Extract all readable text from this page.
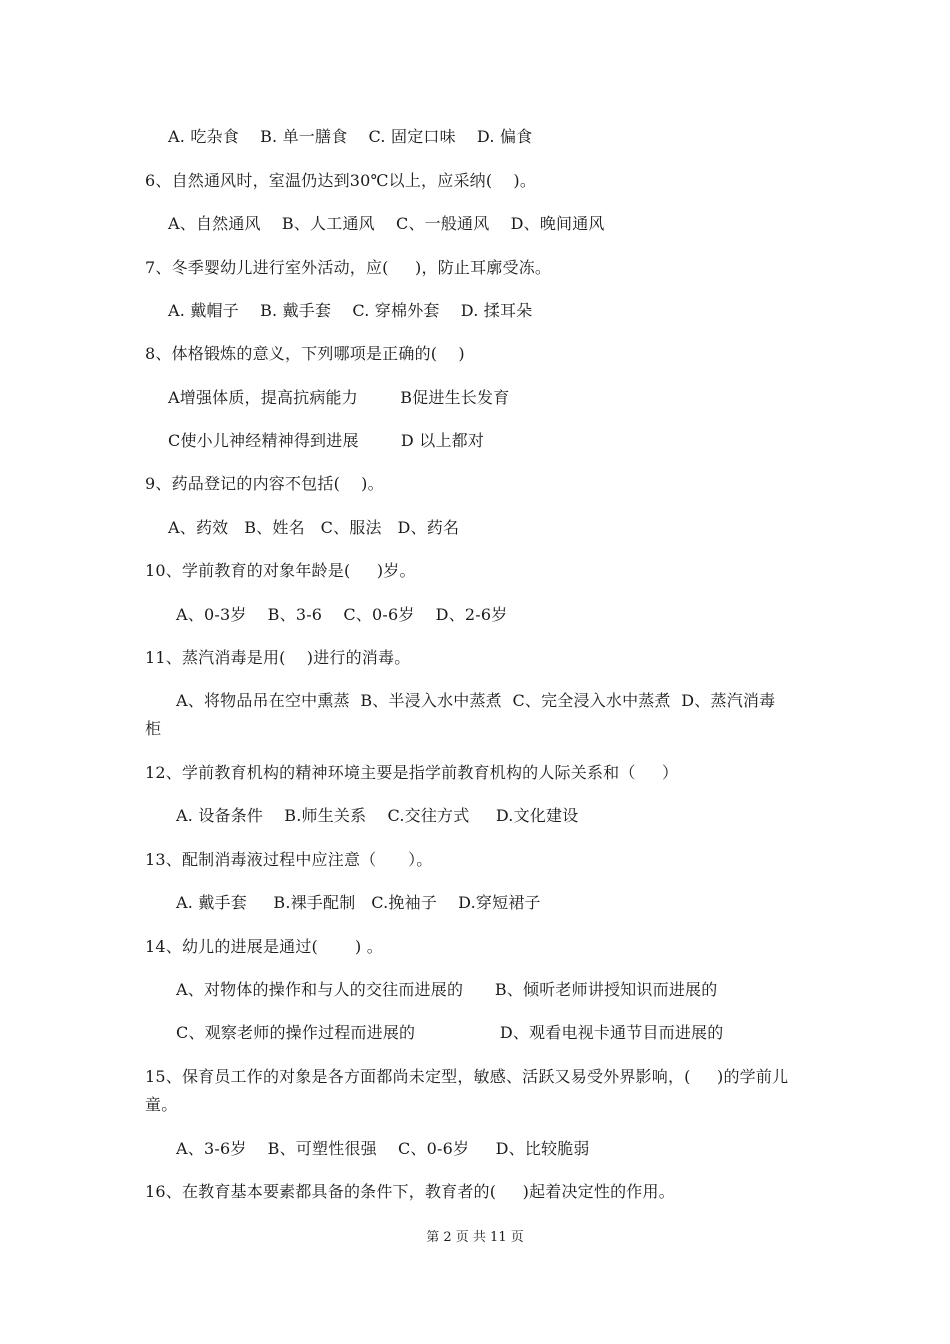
A. 吃杂食    B. 单一膳食    C. 固定口味    D. 偏食
6、自然通风时，室温仍达到30℃以上，应采纳(    )。
A、自然通风    B、人工通风    C、一般通风    D、晚间通风
7、冬季婴幼儿进行室外活动，应(     )，防止耳廓受冻。
A. 戴帽子    B. 戴手套    C. 穿棉外套    D. 揉耳朵
8、体格锻炼的意义，下列哪项是正确的(    )
A增强体质，提高抗病能力        B促进生长发育
C使小儿神经精神得到进展        D 以上都对
9、药品登记的内容不包括(    )。
A、药效   B、姓名   C、服法   D、药名
10、学前教育的对象年龄是(     )岁。
A、0-3岁    B、3-6    C、0-6岁    D、2-6岁
11、蒸汽消毒是用(    )进行的消毒。
A、将物品吊在空中熏蒸  B、半浸入水中蒸煮  C、完全浸入水中蒸煮  D、蒸汽消毒
柜
12、学前教育机构的精神环境主要是指学前教育机构的人际关系和（     ）
A. 设备条件    B.师生关系    C.交往方式     D.文化建设
13、配制消毒液过程中应注意（      ）。
A. 戴手套     B.裸手配制   C.挽袖子    D.穿短裙子
14、幼儿的进展是通过(       ) 。
A、对物体的操作和与人的交往而进展的      B、倾听老师讲授知识而进展的
C、观察老师的操作过程而进展的                D、观看电视卡通节目而进展的
15、保育员工作的对象是各方面都尚未定型，敏感、活跃又易受外界影响，(     )的学前儿
童。
A、3-6岁    B、可塑性很强    C、0-6岁     D、比较脆弱
16、在教育基本要素都具备的条件下，教育者的(     )起着决定性的作用。
第 2 页 共 11 页
